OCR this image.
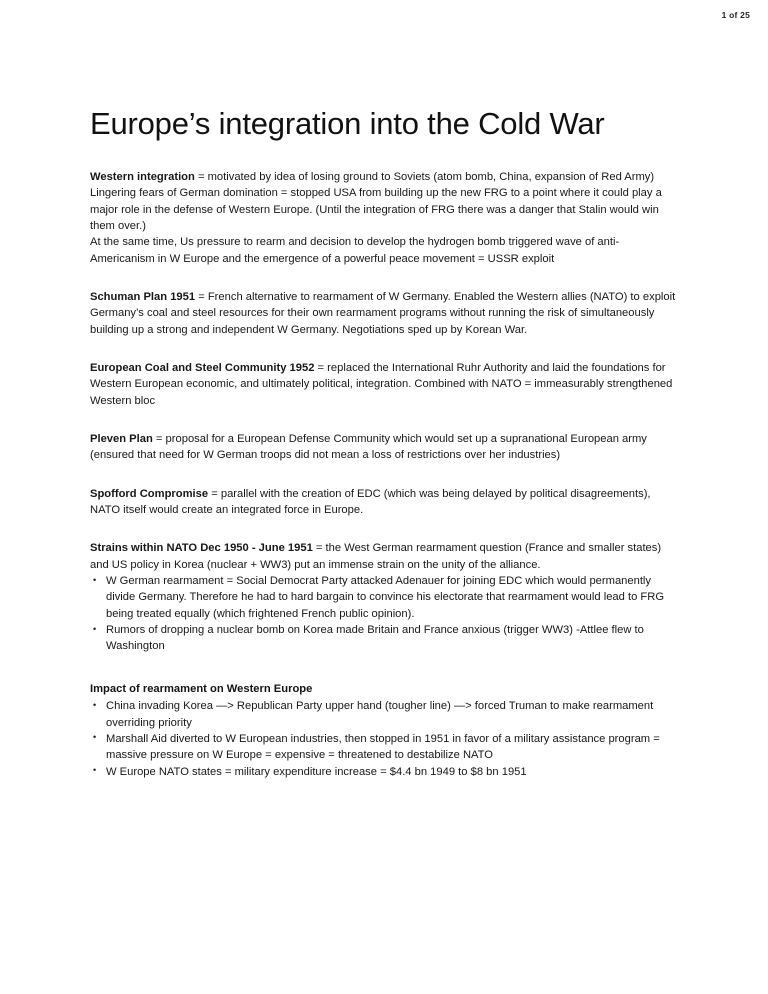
1 of 25
Europe’s integration into the Cold War

Western integration = motivated by idea of losing ground to Soviets (atom bomb, China, expansion of Red Army)

Lingering fears of German domination = stopped USA from building up the new FRG to a point where it could play a major role in the defense of Western Europe. (Until the integration of FRG there was a danger that Stalin would win them over.)

At the same time, Us pressure to rearm and decision to develop the hydrogen bomb triggered wave of anti-Americanism in W Europe and the emergence of a powerful peace movement = USSR exploit

Schuman Plan 1951 = French alternative to rearmament of W Germany. Enabled the Western allies (NATO) to exploit Germany’s coal and steel resources for their own rearmament programs without running the risk of simultaneously building up a strong and independent W Germany. Negotiations sped up by Korean War.

European Coal and Steel Community 1952 = replaced the International Ruhr Authority and laid the foundations for Western European economic, and ultimately political, integration. Combined with NATO = immeasurably strengthened Western bloc

Pleven Plan = proposal for a European Defense Community which would set up a supranational European army (ensured that need for W German troops did not mean a loss of restrictions over her industries)

Spofford Compromise = parallel with the creation of EDC (which was being delayed by political disagreements), NATO itself would create an integrated force in Europe.

Strains within NATO Dec 1950 - June 1951 = the West German rearmament question (France and smaller states) and US policy in Korea (nuclear + WW3) put an immense strain on the unity of the alliance.

• W German rearmament = Social Democrat Party attacked Adenauer for joining EDC which would permanently divide Germany. Therefore he had to hard bargain to convince his electorate that rearmament would lead to FRG being treated equally (which frightened French public opinion).
• Rumors of dropping a nuclear bomb on Korea made Britain and France anxious (trigger WW3) -Attlee flew to Washington
Impact of rearmament on Western Europe
• China invading Korea —> Republican Party upper hand (tougher line) —> forced Truman to make rearmament overriding priority
• Marshall Aid diverted to W European industries, then stopped in 1951 in favor of a military assistance program = massive pressure on W Europe = expensive = threatened to destabilize NATO
• W Europe NATO states = military expenditure increase = $4.4 bn 1949 to $8 bn 1951
